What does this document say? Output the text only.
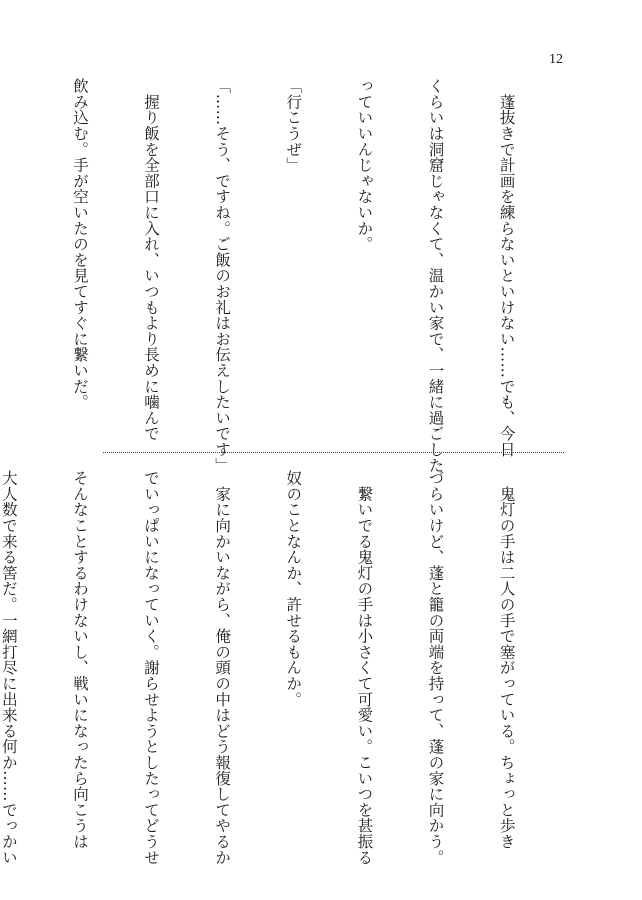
12

　蓬抜きで計画を練らないといけない……でも、今日

くらいは洞窟じゃなくて、温かい家で、一緒に過ごした

っていいんじゃないか。

「行こうぜ」

「……そう、ですね。ご飯のお礼はお伝えしたいです」

　握り飯を全部口に入れ、いつもより長めに噛んで

飲み込む。手が空いたのを見てすぐに繋いだ。

　鬼灯の手は二人の手で塞がっている。ちょっと歩き

づらいけど、蓬と籠の両端を持って、蓬の家に向かう。

　繋いでる鬼灯の手は小さくて可愛い。こいつを甚振る

奴のことなんか、許せるもんか。

　家に向かいながら、俺の頭の中はどう報復してやるか

でいっぱいになっていく。謝らせようとしたってどうせ

そんなことするわけないし、戦いになったら向こうは

大人数で来る筈だ。一網打尽に出来る何か……でっかい
